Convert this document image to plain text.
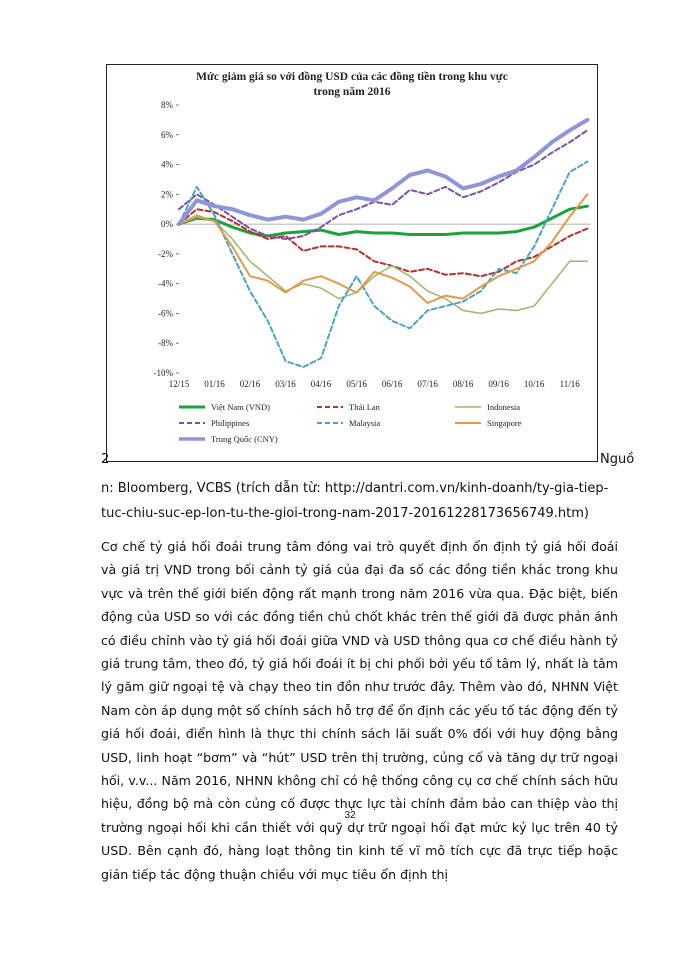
Mức giảm giá so với đồng USD của các đồng tiền trong khu vực
trong năm 2016
8%
6%
4%
2%
0%
-2%
-4%
-6%
-8%
-10%
12/15 01/16 02/16 03/16 04/16 05/16 06/16 07/16 08/16 09/16 10/16 11/16
Việt Nam (VND)	Thái Lan	Indonesia
Philippines	Malaysia	Singapore
Trung Quốc (CNY)
2	Nguồ
n: Bloomberg, VCBS (trích dẫn từ: http://dantri.com.vn/kinh-doanh/ty-gia-tiep-tuc-chiu-suc-ep-lon-tu-the-gioi-trong-nam-2017-20161228173656749.htm)
Cơ chế tỷ giá hối đoái trung tâm đóng vai trò quyết định ổn định tỷ giá hối đoái và giá trị VND trong bối cảnh tỷ giá của đại đa số các đồng tiền khác trong khu vực và trên thế giới biến động rất mạnh trong năm 2016 vừa qua. Đặc biệt, biến động của USD so với các đồng tiền chủ chốt khác trên thế giới đã được phản ánh có điều chỉnh vào tỷ giá hối đoái giữa VND và USD thông qua cơ chế điều hành tỷ giá trung tâm, theo đó, tỷ giá hối đoái ít bị chi phối bởi yếu tố tâm lý, nhất là tâm lý găm giữ ngoại tệ và chạy theo tin đồn như trước đây. Thêm vào đó, NHNN Việt Nam còn áp dụng một số chính sách hỗ trợ để ổn định các yếu tố tác động đến tỷ giá hối đoái, điển hình là thực thi chính sách lãi suất 0% đối với huy động bằng USD, linh hoạt “bơm” và “hút” USD trên thị trường, củng cố và tăng dự trữ ngoại hối, v.v... Năm 2016, NHNN không chỉ có hệ thống công cụ cơ chế chính sách hữu hiệu, đồng bộ mà còn củng cố được thực lực tài chính đảm bảo can thiệp vào thị trường ngoại hối khi cần thiết với quỹ dự trữ ngoại hối đạt mức kỷ lục trên 40 tỷ USD. Bên cạnh đó, hàng loạt thông tin kinh tế vĩ mô tích cực đã trực tiếp hoặc gián tiếp tác động thuận chiều với mục tiêu ổn định thị
32
